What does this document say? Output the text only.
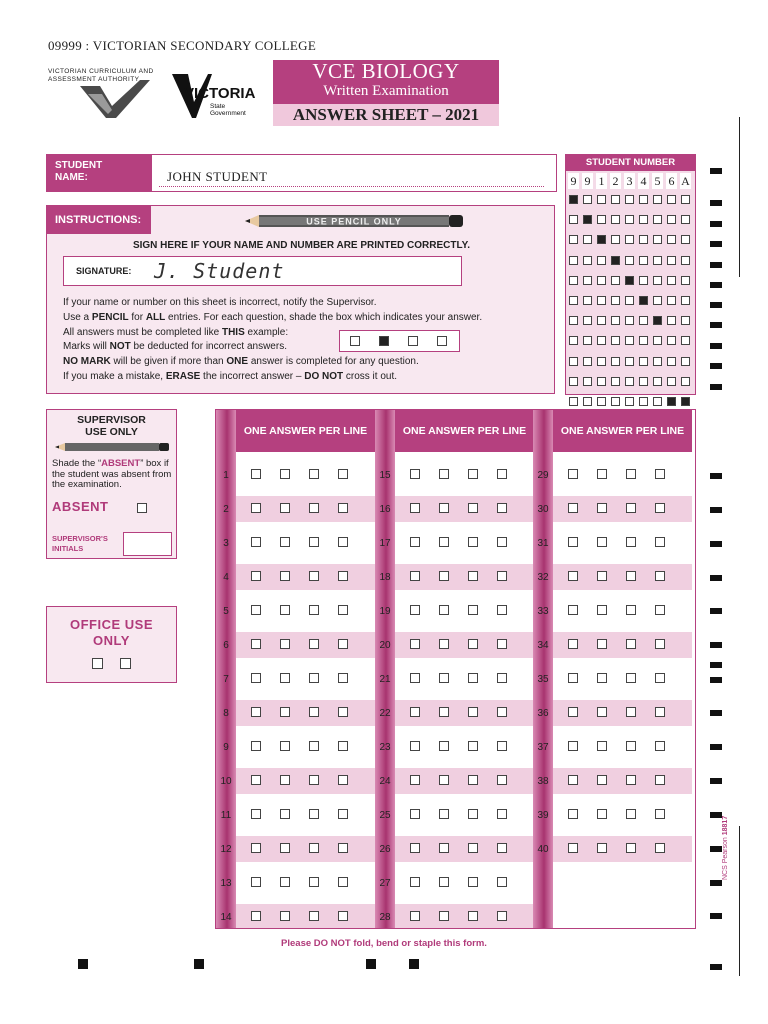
09999 : VICTORIAN SECONDARY COLLEGE
VICTORIAN CURRICULUM AND ASSESSMENT AUTHORITY
VICTORIA
State
Government
VCE BIOLOGY
Written Examination
ANSWER SHEET – 2021
STUDENT
NAME:	JOHN STUDENT
INSTRUCTIONS:	USE PENCIL ONLY
SIGN HERE IF YOUR NAME AND NUMBER ARE PRINTED CORRECTLY.
SIGNATURE: J. Student
If your name or number on this sheet is incorrect, notify the Supervisor.
Use a PENCIL for ALL entries. For each question, shade the box which indicates your answer.
All answers must be completed like THIS example:
Marks will NOT be deducted for incorrect answers.
NO MARK will be given if more than ONE answer is completed for any question.
If you make a mistake, ERASE the incorrect answer – DO NOT cross it out.
STUDENT NUMBER
9 9 1 2 3 4 5 6 A
SUPERVISOR
USE ONLY
Shade the “ABSENT” box if the student was absent from the examination.
ABSENT
SUPERVISOR'S
INITIALS
OFFICE USE
ONLY
ONE ANSWER PER LINE
1
2
3
4
5
6
7
8
9
10
11
12
13
14
ONE ANSWER PER LINE
15
16
17
18
19
20
21
22
23
24
25
26
27
28
ONE ANSWER PER LINE
29
30
31
32
33
34
35
36
37
38
39
40
Please DO NOT fold, bend or staple this form.
NCS Pearson 18817
